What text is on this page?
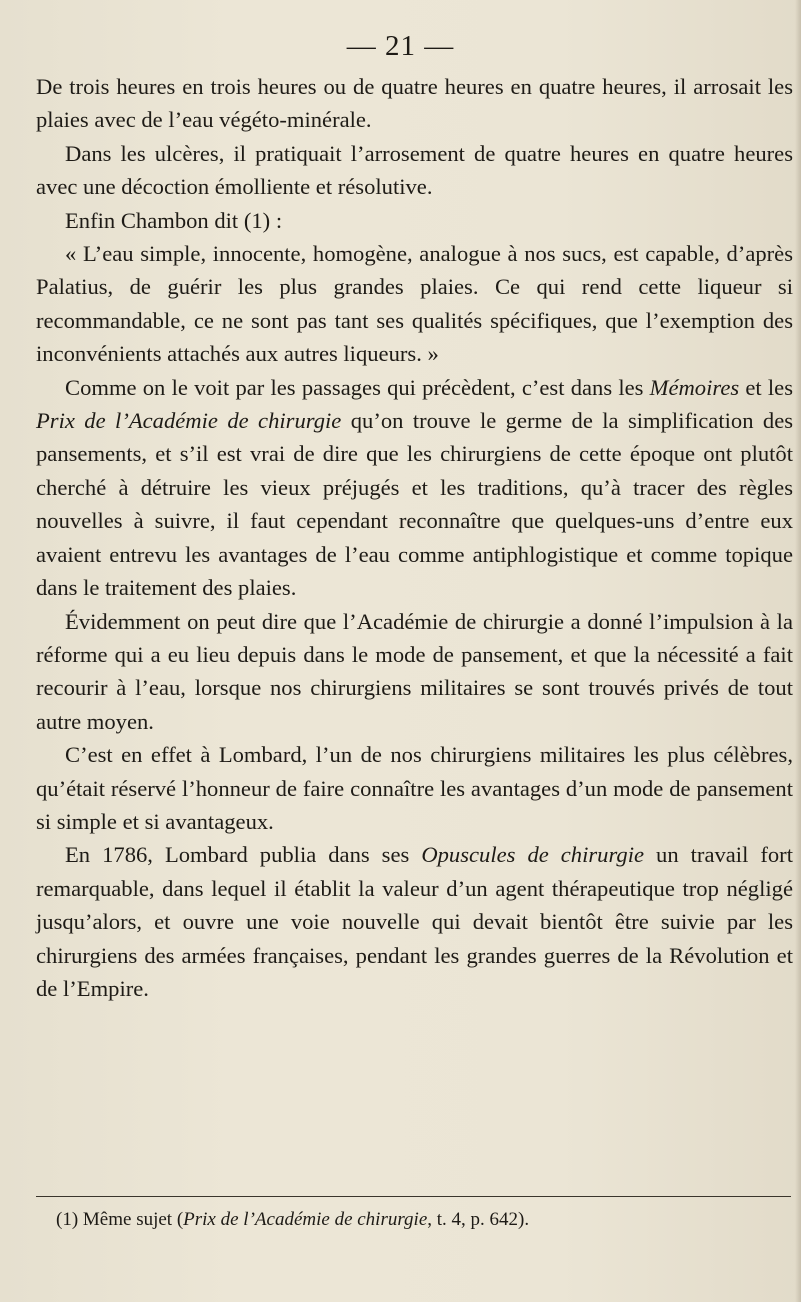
— 21 —

De trois heures en trois heures ou de quatre heures en quatre heures, il arrosait les plaies avec de l’eau végéto-minérale.

Dans les ulcères, il pratiquait l’arrosement de quatre heures en quatre heures avec une décoction émolliente et résolutive.

Enfin Chambon dit (1) :

« L’eau simple, innocente, homogène, analogue à nos sucs, est capable, d’après Palatius, de guérir les plus grandes plaies. Ce qui rend cette liqueur si recommandable, ce ne sont pas tant ses qualités spécifiques, que l’exemption des inconvénients attachés aux autres liqueurs. »

Comme on le voit par les passages qui précèdent, c’est dans les Mémoires et les Prix de l’Académie de chirurgie qu’on trouve le germe de la simplification des pansements, et s’il est vrai de dire que les chirurgiens de cette époque ont plutôt cherché à détruire les vieux préjugés et les traditions, qu’à tracer des règles nouvelles à suivre, il faut cependant reconnaître que quelques-uns d’entre eux avaient entrevu les avantages de l’eau comme antiphlogistique et comme topique dans le traitement des plaies.

Évidemment on peut dire que l’Académie de chirurgie a donné l’impulsion à la réforme qui a eu lieu depuis dans le mode de pansement, et que la nécessité a fait recourir à l’eau, lorsque nos chirurgiens militaires se sont trouvés privés de tout autre moyen.

C’est en effet à Lombard, l’un de nos chirurgiens militaires les plus célèbres, qu’était réservé l’honneur de faire connaître les avantages d’un mode de pansement si simple et si avantageux.

En 1786, Lombard publia dans ses Opuscules de chirurgie un travail fort remarquable, dans lequel il établit la valeur d’un agent thérapeutique trop négligé jusqu’alors, et ouvre une voie nouvelle qui devait bientôt être suivie par les chirurgiens des armées françaises, pendant les grandes guerres de la Révolution et de l’Empire.

(1) Même sujet (Prix de l’Académie de chirurgie, t. 4, p. 642).
